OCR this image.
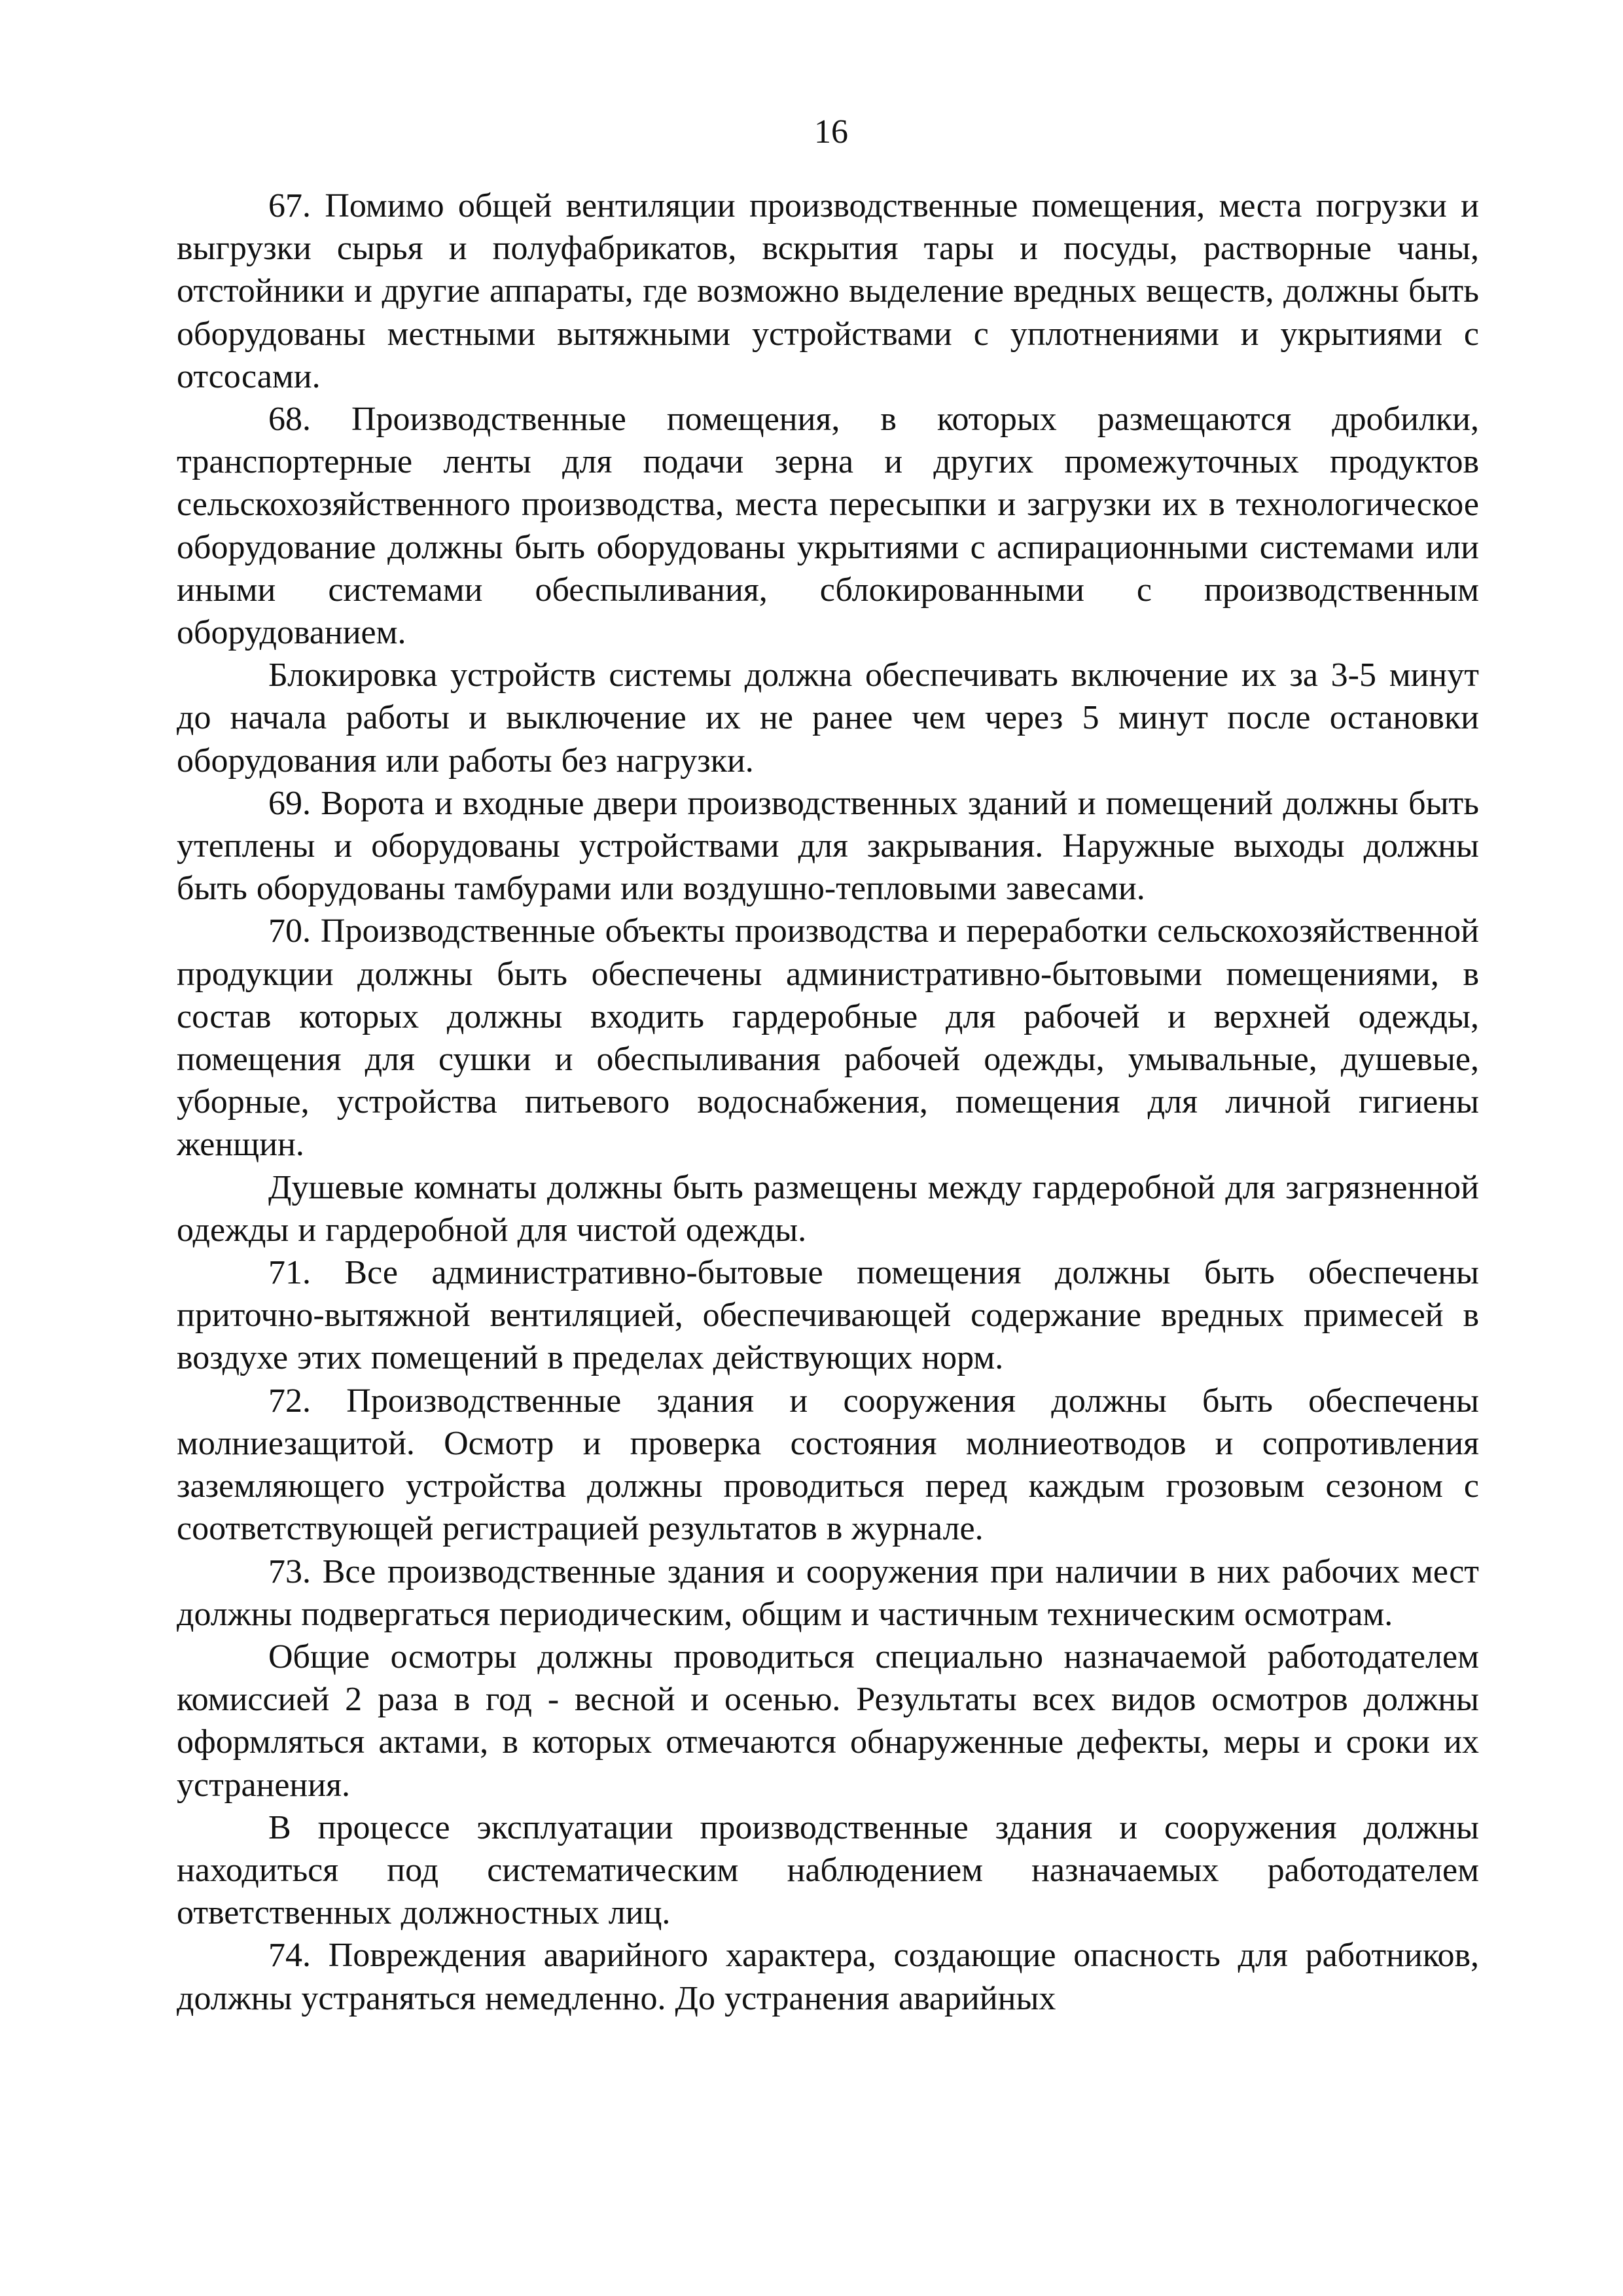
16

67. Помимо общей вентиляции производственные помещения, места погрузки и выгрузки сырья и полуфабрикатов, вскрытия тары и посуды, растворные чаны, отстойники и другие аппараты, где возможно выделение вредных веществ, должны быть оборудованы местными вытяжными устройствами с уплотнениями и укрытиями с отсосами.

68. Производственные помещения, в которых размещаются дробилки, транспортерные ленты для подачи зерна и других промежуточных продуктов сельскохозяйственного производства, места пересыпки и загрузки их в технологическое оборудование должны быть оборудованы укрытиями с аспирационными системами или иными системами обеспыливания, сблокированными с производственным оборудованием.

Блокировка устройств системы должна обеспечивать включение их за 3-5 минут до начала работы и выключение их не ранее чем через 5 минут после остановки оборудования или работы без нагрузки.

69. Ворота и входные двери производственных зданий и помещений должны быть утеплены и оборудованы устройствами для закрывания. Наружные выходы должны быть оборудованы тамбурами или воздушно-тепловыми завесами.

70. Производственные объекты производства и переработки сельскохозяйственной продукции должны быть обеспечены административно-бытовыми помещениями, в состав которых должны входить гардеробные для рабочей и верхней одежды, помещения для сушки и обеспыливания рабочей одежды, умывальные, душевые, уборные, устройства питьевого водоснабжения, помещения для личной гигиены женщин.

Душевые комнаты должны быть размещены между гардеробной для загрязненной одежды и гардеробной для чистой одежды.

71. Все административно-бытовые помещения должны быть обеспечены приточно-вытяжной вентиляцией, обеспечивающей содержание вредных примесей в воздухе этих помещений в пределах действующих норм.

72. Производственные здания и сооружения должны быть обеспечены молниезащитой. Осмотр и проверка состояния молниеотводов и сопротивления заземляющего устройства должны проводиться перед каждым грозовым сезоном с соответствующей регистрацией результатов в журнале.

73. Все производственные здания и сооружения при наличии в них рабочих мест должны подвергаться периодическим, общим и частичным техническим осмотрам.

Общие осмотры должны проводиться специально назначаемой работодателем комиссией 2 раза в год - весной и осенью. Результаты всех видов осмотров должны оформляться актами, в которых отмечаются обнаруженные дефекты, меры и сроки их устранения.

В процессе эксплуатации производственные здания и сооружения должны находиться под систематическим наблюдением назначаемых работодателем ответственных должностных лиц.

74. Повреждения аварийного характера, создающие опасность для работников, должны устраняться немедленно. До устранения аварийных
